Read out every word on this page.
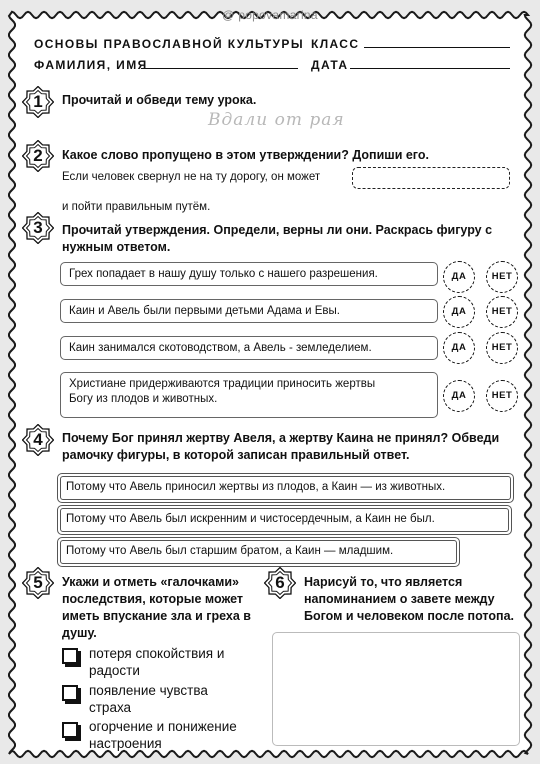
@ popovamarina
ОСНОВЫ ПРАВОСЛАВНОЙ КУЛЬТУРЫ КЛАСС
ФАМИЛИЯ, ИМЯ	ДАТА
1	Прочитай и обведи тему урока.
Вдали от рая
2	Какое слово пропущено в этом утверждении? Допиши его.
Если человек свернул не на ту дорогу, он может
и пойти правильным путём.
3	Прочитай утверждения. Определи, верны ли они. Раскрась фигуру с
нужным ответом.
Грех попадает в нашу душу только с нашего разрешения.	ДА	НЕТ
Каин и Авель были первыми детьми Адама и Евы.	ДА	НЕТ
Каин занимался скотоводством, а Авель - земледелием.	ДА	НЕТ
Христиане придерживаются традиции приносить жертвы
Богу из плодов и животных.	ДА	НЕТ
4	Почему Бог принял жертву Авеля, а жертву Каина не принял? Обведи
рамочку фигуры, в которой записан правильный ответ.
Потому что Авель приносил жертвы из плодов, а Каин — из животных.
Потому что Авель был искренним и чистосердечным, а Каин не был.
Потому что Авель был старшим братом, а Каин — младшим.
5	Укажи и отметь «галочками»
последствия, которые может
иметь впускание зла и греха в
душу.
потеря спокойствия и
радости
появление чувства
страха
огорчение и понижение
настроения
6	Нарисуй то, что является
напоминанием о завете между
Богом и человеком после потопа.
